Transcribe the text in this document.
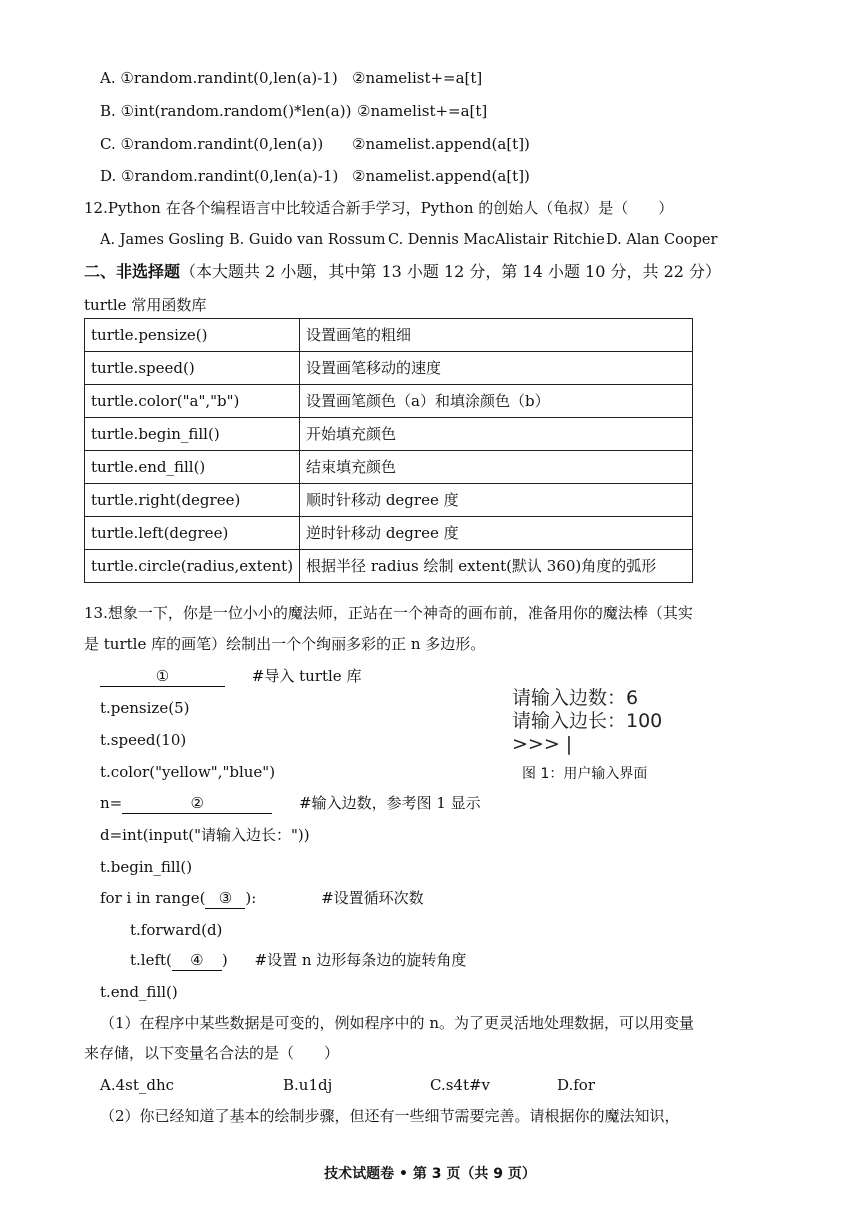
A. ①random.randint(0,len(a)-1) ②namelist+=a[t]
B. ①int(random.random()*len(a)) ②namelist+=a[t]
C. ①random.randint(0,len(a)) ②namelist.append(a[t])
D. ①random.randint(0,len(a)-1) ②namelist.append(a[t])
12.Python 在各个编程语言中比较适合新手学习，Python 的创始人（龟叔）是（　　）
A. James Gosling B. Guido van Rossum C. Dennis MacAlistair Ritchie D. Alan Cooper
二、非选择题（本大题共 2 小题，其中第 13 小题 12 分，第 14 小题 10 分，共 22 分）
turtle 常用函数库
turtle.pensize()	设置画笔的粗细
turtle.speed()	设置画笔移动的速度
turtle.color("a","b")	设置画笔颜色（a）和填涂颜色（b）
turtle.begin_fill()	开始填充颜色
turtle.end_fill()	结束填充颜色
turtle.right(degree)	顺时针移动 degree 度
turtle.left(degree)	逆时针移动 degree 度
turtle.circle(radius,extent)	根据半径 radius 绘制 extent(默认 360)角度的弧形
13.想象一下，你是一位小小的魔法师，正站在一个神奇的画布前，准备用你的魔法棒（其实
是 turtle 库的画笔）绘制出一个个绚丽多彩的正 n 多边形。
①	#导入 turtle 库
t.pensize(5)
t.speed(10)
t.color("yellow","blue")
n=	②	#输入边数，参考图 1 显示
d=int(input("请输入边长："))
t.begin_fill()
for i in range( ③ ):	#设置循环次数
t.forward(d)
t.left( ④ ) #设置 n 边形每条边的旋转角度
t.end_fill()
请输入边数：6
请输入边长：100
>>> |
图 1：用户输入界面
（1）在程序中某些数据是可变的，例如程序中的 n。为了更灵活地处理数据，可以用变量
来存储，以下变量名合法的是（　　）
A.4st_dhc	B.u1dj	C.s4t#v	D.for
（2）你已经知道了基本的绘制步骤，但还有一些细节需要完善。请根据你的魔法知识，
技术试题卷 • 第 3 页（共 9 页）
